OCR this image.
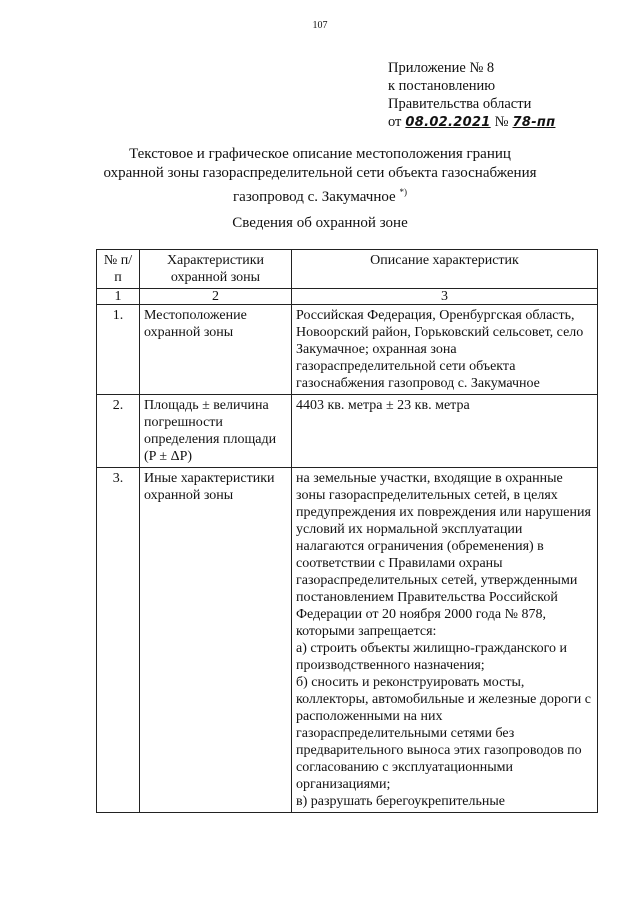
107
Приложение № 8
к постановлению
Правительства области
от 08.02.2021 № 78-пп
Текстовое и графическое описание местоположения границ
охранной зоны газораспределительной сети объекта газоснабжения
газопровод с. Закумачное *)
Сведения об охранной зоне
№ п/п	Характеристики охранной зоны	Описание характеристик
1	2	3
1.	Местоположение охранной зоны	Российская Федерация, Оренбургская область, Новоорский район, Горьковский сельсовет, село Закумачное; охранная зона газораспределительной сети объекта газоснабжения газопровод с. Закумачное
2.	Площадь ± величина погрешности определения площади (P ± ΔP)	4403 кв. метра ± 23 кв. метра
3.	Иные характеристики охранной зоны	на земельные участки, входящие в охранные зоны газораспределительных сетей, в целях предупреждения их повреждения или нарушения условий их нормальной эксплуатации налагаются ограничения (обременения) в соответствии с Правилами охраны газораспределительных сетей, утвержденными постановлением Правительства Российской Федерации от 20 ноября 2000 года № 878, которыми запрещается:
а) строить объекты жилищно-гражданского и производственного назначения;
б) сносить и реконструировать мосты, коллекторы, автомобильные и железные дороги с расположенными на них газораспределительными сетями без предварительного выноса этих газопроводов по согласованию с эксплуатационными организациями;
в) разрушать берегоукрепительные
